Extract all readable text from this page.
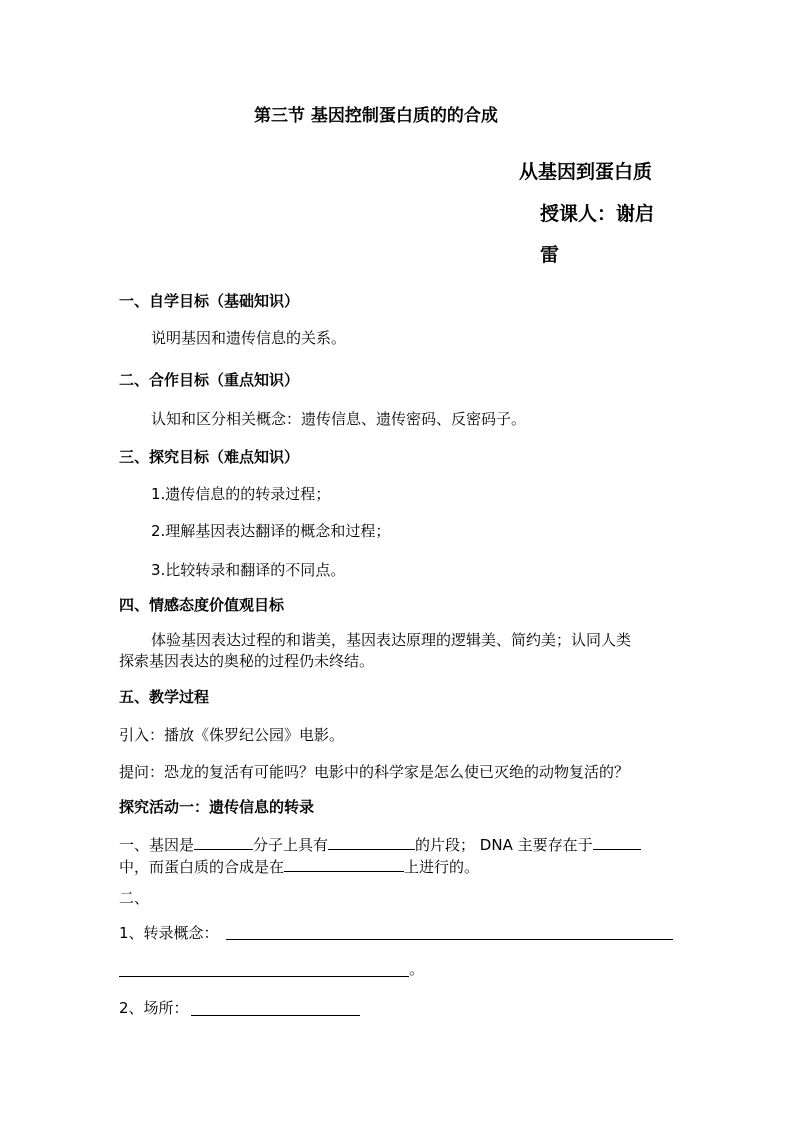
第三节 基因控制蛋白质的的合成
从基因到蛋白质
授课人：谢启
雷
一、自学目标（基础知识）
说明基因和遗传信息的关系。
二、合作目标（重点知识）
认知和区分相关概念：遗传信息、遗传密码、反密码子。
三、探究目标（难点知识）
1.遗传信息的的转录过程；
2.理解基因表达翻译的概念和过程；
3.比较转录和翻译的不同点。
四、情感态度价值观目标
体验基因表达过程的和谐美，基因表达原理的逻辑美、简约美；认同人类
探索基因表达的奥秘的过程仍未终结。
五、教学过程
引入：播放《侏罗纪公园》电影。
提问：恐龙的复活有可能吗？电影中的科学家是怎么使已灭绝的动物复活的？
探究活动一：遗传信息的转录
一、基因是	分子上具有	的片段； DNA 主要存在于
中，而蛋白质的合成是在	上进行的。
二、
1、转录概念：
。
2、场所：
